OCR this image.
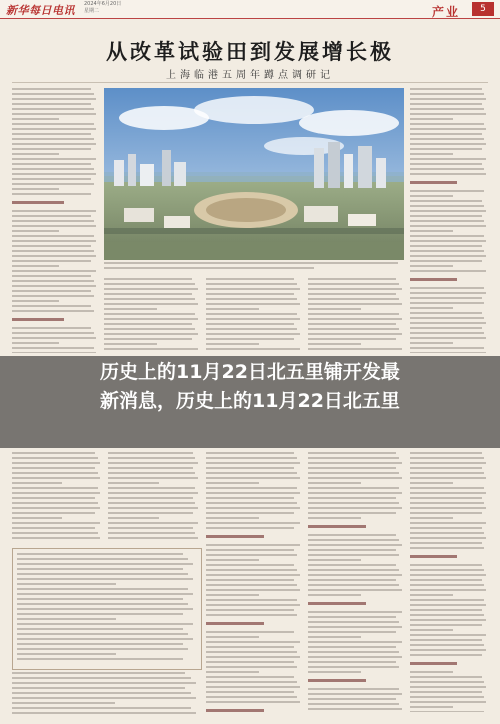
新华每日电讯 2024年6月20日
星期二	产业	5
从改革试验田到发展增长极
上海临港五周年蹲点调研记
历史上的11月22日北五里铺开发最
新消息，历史上的11月22日北五里
